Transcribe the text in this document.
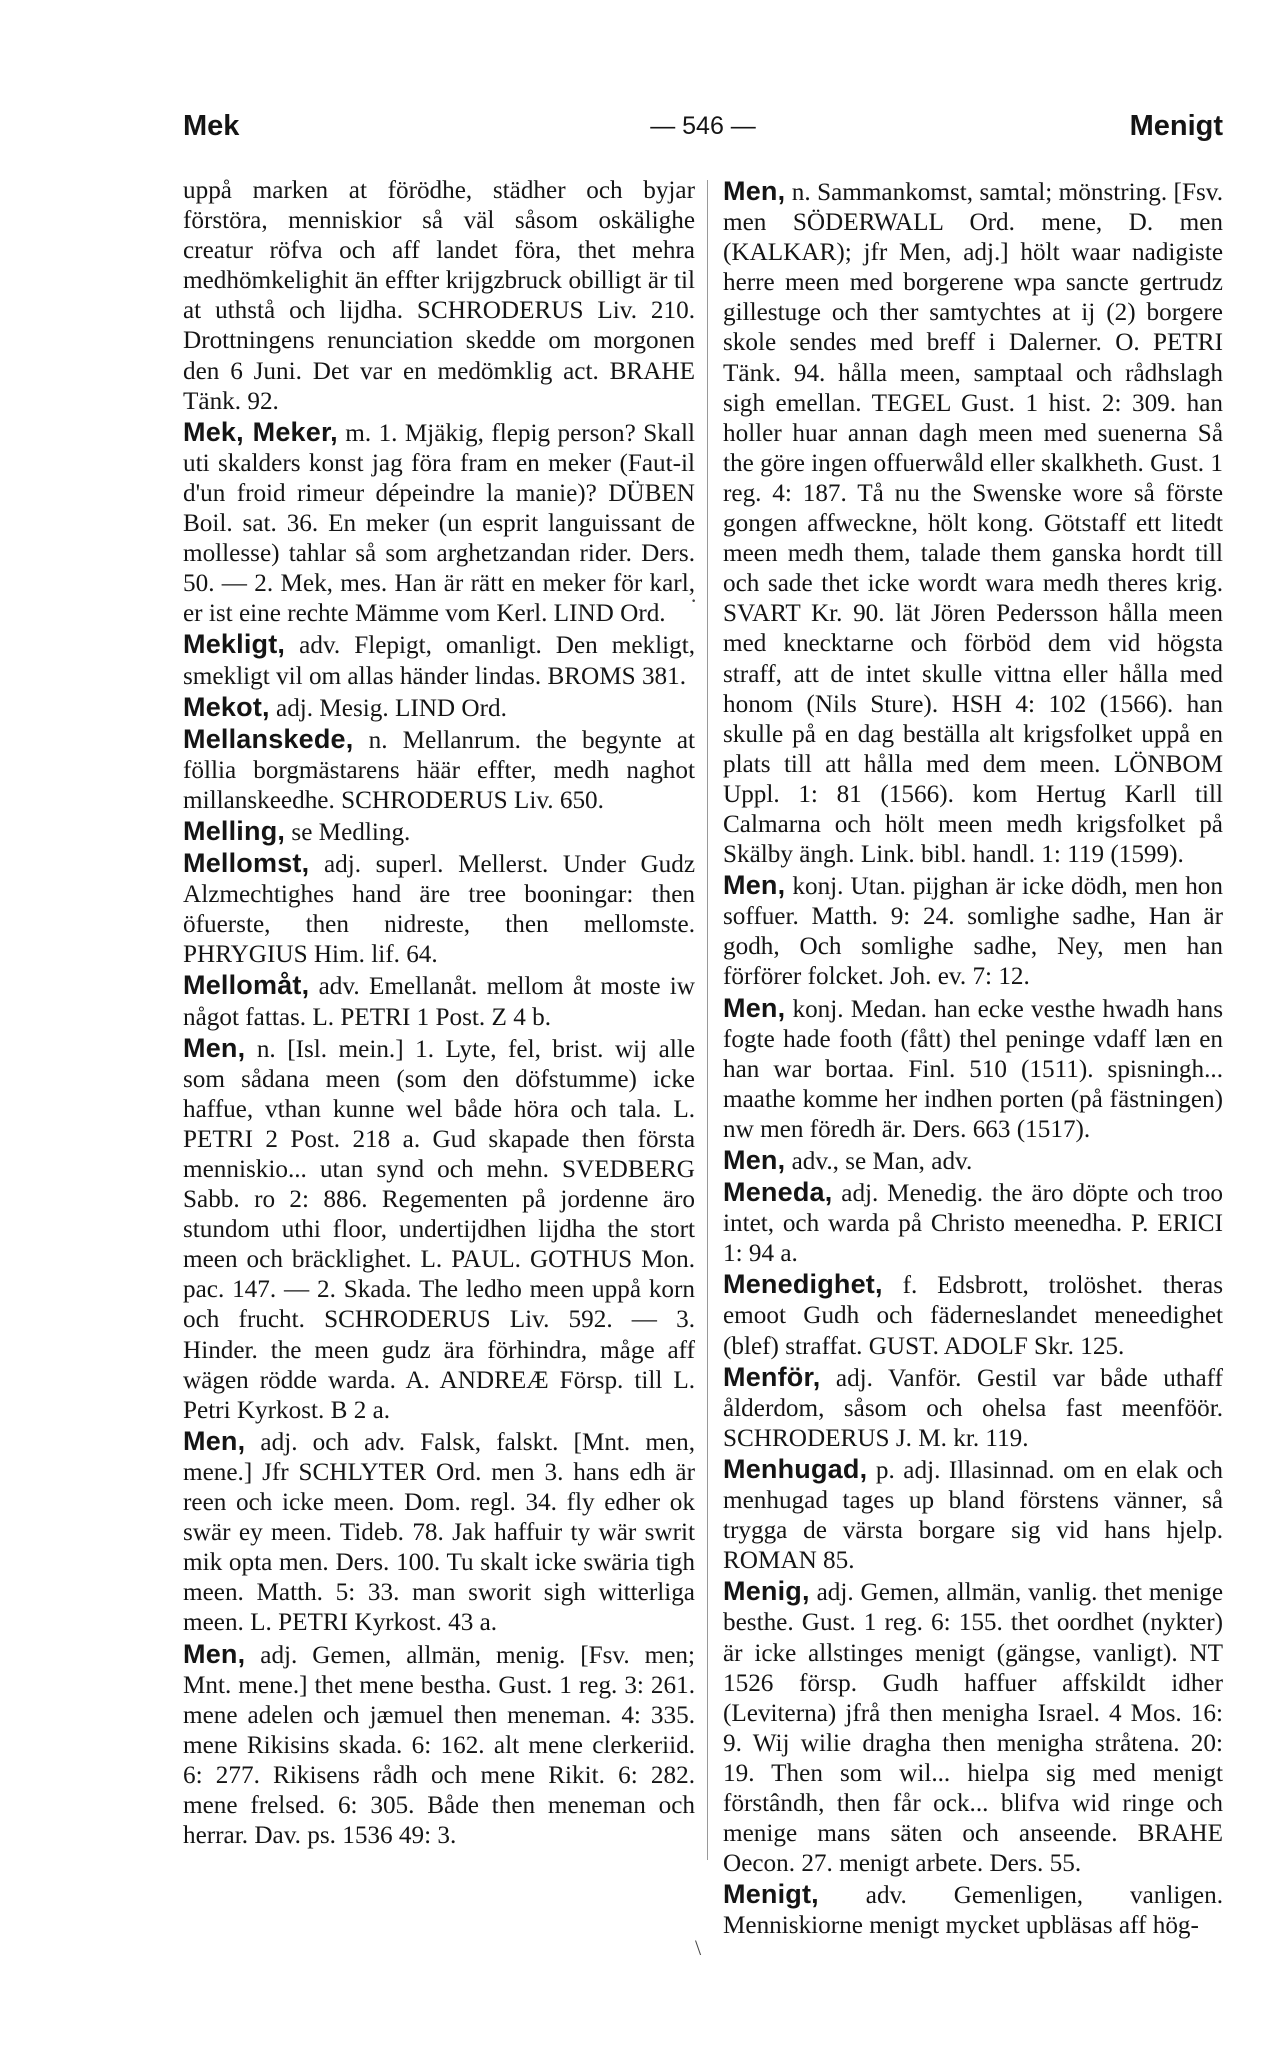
Mek	— 546 —	Menigt

uppå marken at förödhe, städher och byjar förstöra, menniskior så väl såsom oskälighe creatur röfva och aff landet föra, thet mehra medhömkelighit än effter krijgzbruck obilligt är til at uthstå och lijdha. SCHRODERUS Liv. 210. Drottningens renunciation skedde om morgonen den 6 Juni. Det var en medömklig act. BRAHE Tänk. 92.

Mek, Meker, m. 1. Mjäkig, flepig person? Skall uti skalders konst jag föra fram en meker (Faut-il d'un froid rimeur dépeindre la manie)? DÜBEN Boil. sat. 36. En meker (un esprit languissant de mollesse) tahlar så som arghetzandan rider. Ders. 50. — 2. Mek, mes. Han är rätt en meker för karl, er ist eine rechte Mämme vom Kerl. LIND Ord.

Mekligt, adv. Flepigt, omanligt. Den mekligt, smekligt vil om allas händer lindas. BROMS 381.

Mekot, adj. Mesig. LIND Ord.

Mellanskede, n. Mellanrum. the begynte at föllia borgmästarens häär effter, medh naghot millanskeedhe. SCHRODERUS Liv. 650.

Melling, se Medling.

Mellomst, adj. superl. Mellerst. Under Gudz Alzmechtighes hand äre tree booningar: then öfuerste, then nidreste, then mellomste. PHRYGIUS Him. lif. 64.

Mellomåt, adv. Emellanåt. mellom åt moste iw något fattas. L. PETRI 1 Post. Z 4 b.

Men, n. [Isl. mein.] 1. Lyte, fel, brist. wij alle som sådana meen (som den döfstumme) icke haffue, vthan kunne wel både höra och tala. L. PETRI 2 Post. 218 a. Gud skapade then första menniskio... utan synd och mehn. SVEDBERG Sabb. ro 2: 886. Regementen på jordenne äro stundom uthi floor, undertijdhen lijdha the stort meen och bräcklighet. L. PAUL. GOTHUS Mon. pac. 147. — 2. Skada. The ledho meen uppå korn och frucht. SCHRODERUS Liv. 592. — 3. Hinder. the meen gudz ära förhindra, måge aff wägen rödde warda. A. ANDREÆ Försp. till L. Petri Kyrkost. B 2 a.

Men, adj. och adv. Falsk, falskt. [Mnt. men, mene.] Jfr SCHLYTER Ord. men 3. hans edh är reen och icke meen. Dom. regl. 34. fly edher ok swär ey meen. Tideb. 78. Jak haffuir ty wär swrit mik opta men. Ders. 100. Tu skalt icke swäria tigh meen. Matth. 5: 33. man sworit sigh witterliga meen. L. PETRI Kyrkost. 43 a.

Men, adj. Gemen, allmän, menig. [Fsv. men; Mnt. mene.] thet mene bestha. Gust. 1 reg. 3: 261. mene adelen och jæmuel then meneman. 4: 335. mene Rikisins skada. 6: 162. alt mene clerkeriid. 6: 277. Rikisens rådh och mene Rikit. 6: 282. mene frelsed. 6: 305. Både then meneman och herrar. Dav. ps. 1536 49: 3.

Men, n. Sammankomst, samtal; mönstring. [Fsv. men SÖDERWALL Ord. mene, D. men (KALKAR); jfr Men, adj.] hölt waar nadigiste herre meen med borgerene wpa sancte gertrudz gillestuge och ther samtychtes at ij (2) borgere skole sendes med breff i Dalerner. O. PETRI Tänk. 94. hålla meen, samptaal och rådhslagh sigh emellan. TEGEL Gust. 1 hist. 2: 309. han holler huar annan dagh meen med suenerna Så the göre ingen offuerwåld eller skalkheth. Gust. 1 reg. 4: 187. Tå nu the Swenske wore så förste gongen affweckne, hölt kong. Götstaff ett litedt meen medh them, talade them ganska hordt till och sade thet icke wordt wara medh theres krig. SVART Kr. 90. lät Jören Pedersson hålla meen med knecktarne och förböd dem vid högsta straff, att de intet skulle vittna eller hålla med honom (Nils Sture). HSH 4: 102 (1566). han skulle på en dag beställa alt krigsfolket uppå en plats till att hålla med dem meen. LÖNBOM Uppl. 1: 81 (1566). kom Hertug Karll till Calmarna och hölt meen medh krigsfolket på Skälby ängh. Link. bibl. handl. 1: 119 (1599).

Men, konj. Utan. pijghan är icke dödh, men hon soffuer. Matth. 9: 24. somlighe sadhe, Han är godh, Och somlighe sadhe, Ney, men han förförer folcket. Joh. ev. 7: 12.

Men, konj. Medan. han ecke vesthe hwadh hans fogte hade footh (fått) thel peninge vdaff læn en han war bortaa. Finl. 510 (1511). spisningh... maathe komme her indhen porten (på fästningen) nw men föredh är. Ders. 663 (1517).

Men, adv., se Man, adv.

Meneda, adj. Menedig. the äro döpte och troo intet, och warda på Christo meenedha. P. ERICI 1: 94 a.

Menedighet, f. Edsbrott, trolöshet. theras emoot Gudh och fäderneslandet meneedighet (blef) straffat. GUST. ADOLF Skr. 125.

Menför, adj. Vanför. Gestil var både uthaff ålderdom, såsom och ohelsa fast meenföör. SCHRODERUS J. M. kr. 119.

Menhugad, p. adj. Illasinnad. om en elak och menhugad tages up bland förstens vänner, så trygga de värsta borgare sig vid hans hjelp. ROMAN 85.

Menig, adj. Gemen, allmän, vanlig. thet menige besthe. Gust. 1 reg. 6: 155. thet oordhet (nykter) är icke allstinges menigt (gängse, vanligt). NT 1526 försp. Gudh haffuer affskildt idher (Leviterna) jfrå then menigha Israel. 4 Mos. 16: 9. Wij wilie dragha then menigha stråtena. 20: 19. Then som wil... hielpa sig med menigt förstândh, then får ock... blifva wid ringe och menige mans säten och anseende. BRAHE Oecon. 27. menigt arbete. Ders. 55.

Menigt, adv. Gemenligen, vanligen. Menniskiorne menigt mycket upbläsas aff hög-

·
\
